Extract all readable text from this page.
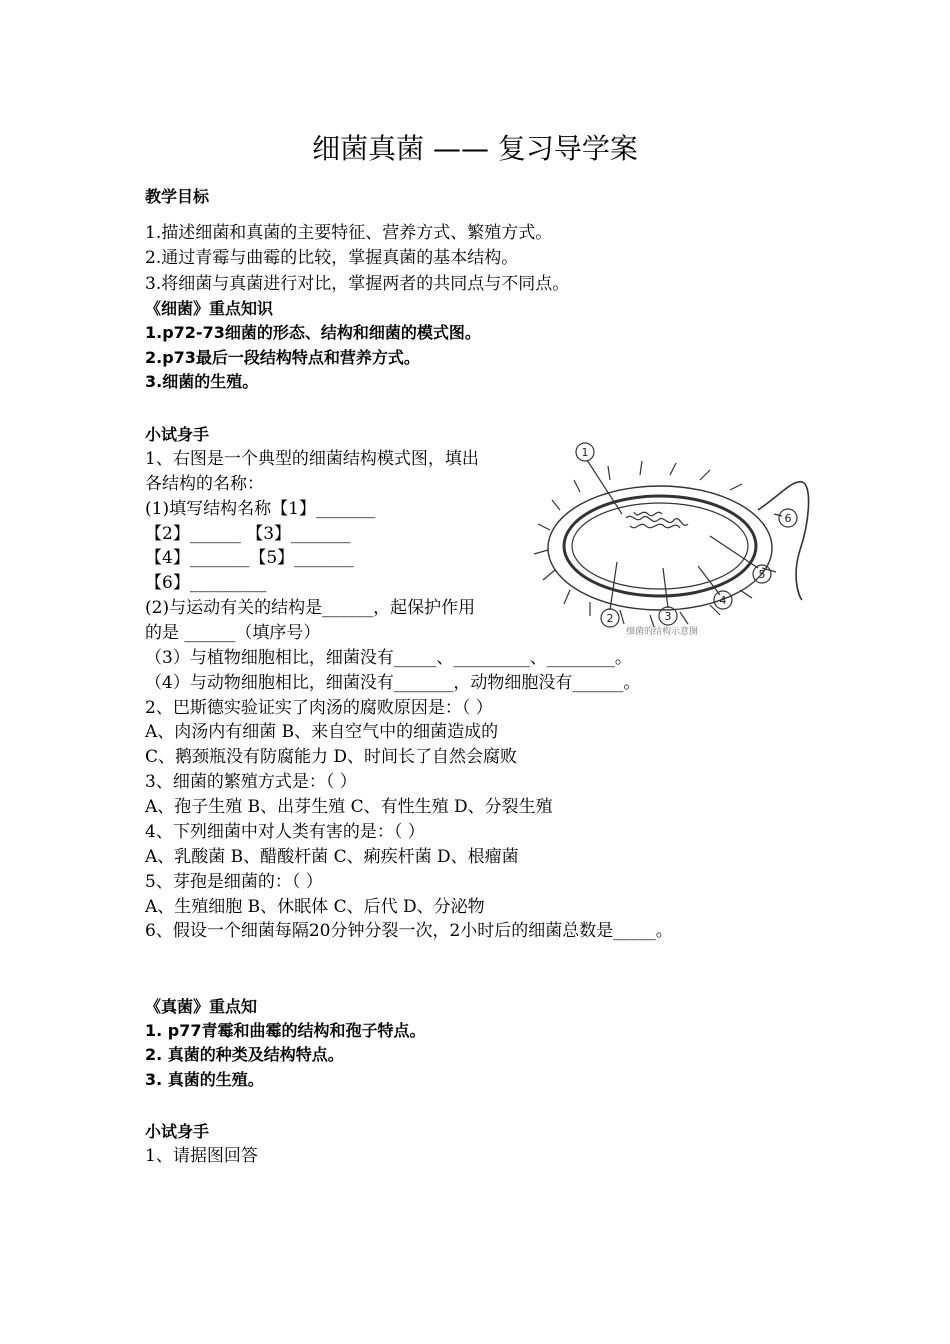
细菌真菌 —— 复习导学案
教学目标
1.描述细菌和真菌的主要特征、营养方式、繁殖方式。
2.通过青霉与曲霉的比较，掌握真菌的基本结构。
3.将细菌与真菌进行对比，掌握两者的共同点与不同点。
《细菌》重点知识
1.p72-73细菌的形态、结构和细菌的模式图。
2.p73最后一段结构特点和营养方式。
3.细菌的生殖。
小试身手
1、右图是一个典型的细菌结构模式图，填出
各结构的名称：
(1)填写结构名称【1】_______
【2】______ 【3】_______
【4】_______【5】_______
【6】_________
(2)与运动有关的结构是______，起保护作用
的是 ______（填序号）
（3）与植物细胞相比，细菌没有_____、_________、________。
（4）与动物细胞相比，细菌没有_______，动物细胞没有______。
2、巴斯德实验证实了肉汤的腐败原因是：（ ）
A、肉汤内有细菌 B、来自空气中的细菌造成的
C、鹅颈瓶没有防腐能力 D、时间长了自然会腐败
3、细菌的繁殖方式是：（ ）
A、孢子生殖 B、出芽生殖 C、有性生殖 D、分裂生殖
4、下列细菌中对人类有害的是：（ ）
A、乳酸菌 B、醋酸杆菌 C、痢疾杆菌 D、根瘤菌
5、芽孢是细菌的：（ ）
A、生殖细胞 B、休眠体 C、后代 D、分泌物
6、假设一个细菌每隔20分钟分裂一次，2小时后的细菌总数是_____。
1
2	3
4
5
6
细菌的结构示意图
《真菌》重点知
1. p77青霉和曲霉的结构和孢子特点。
2. 真菌的种类及结构特点。
3. 真菌的生殖。
小试身手
1、请据图回答
